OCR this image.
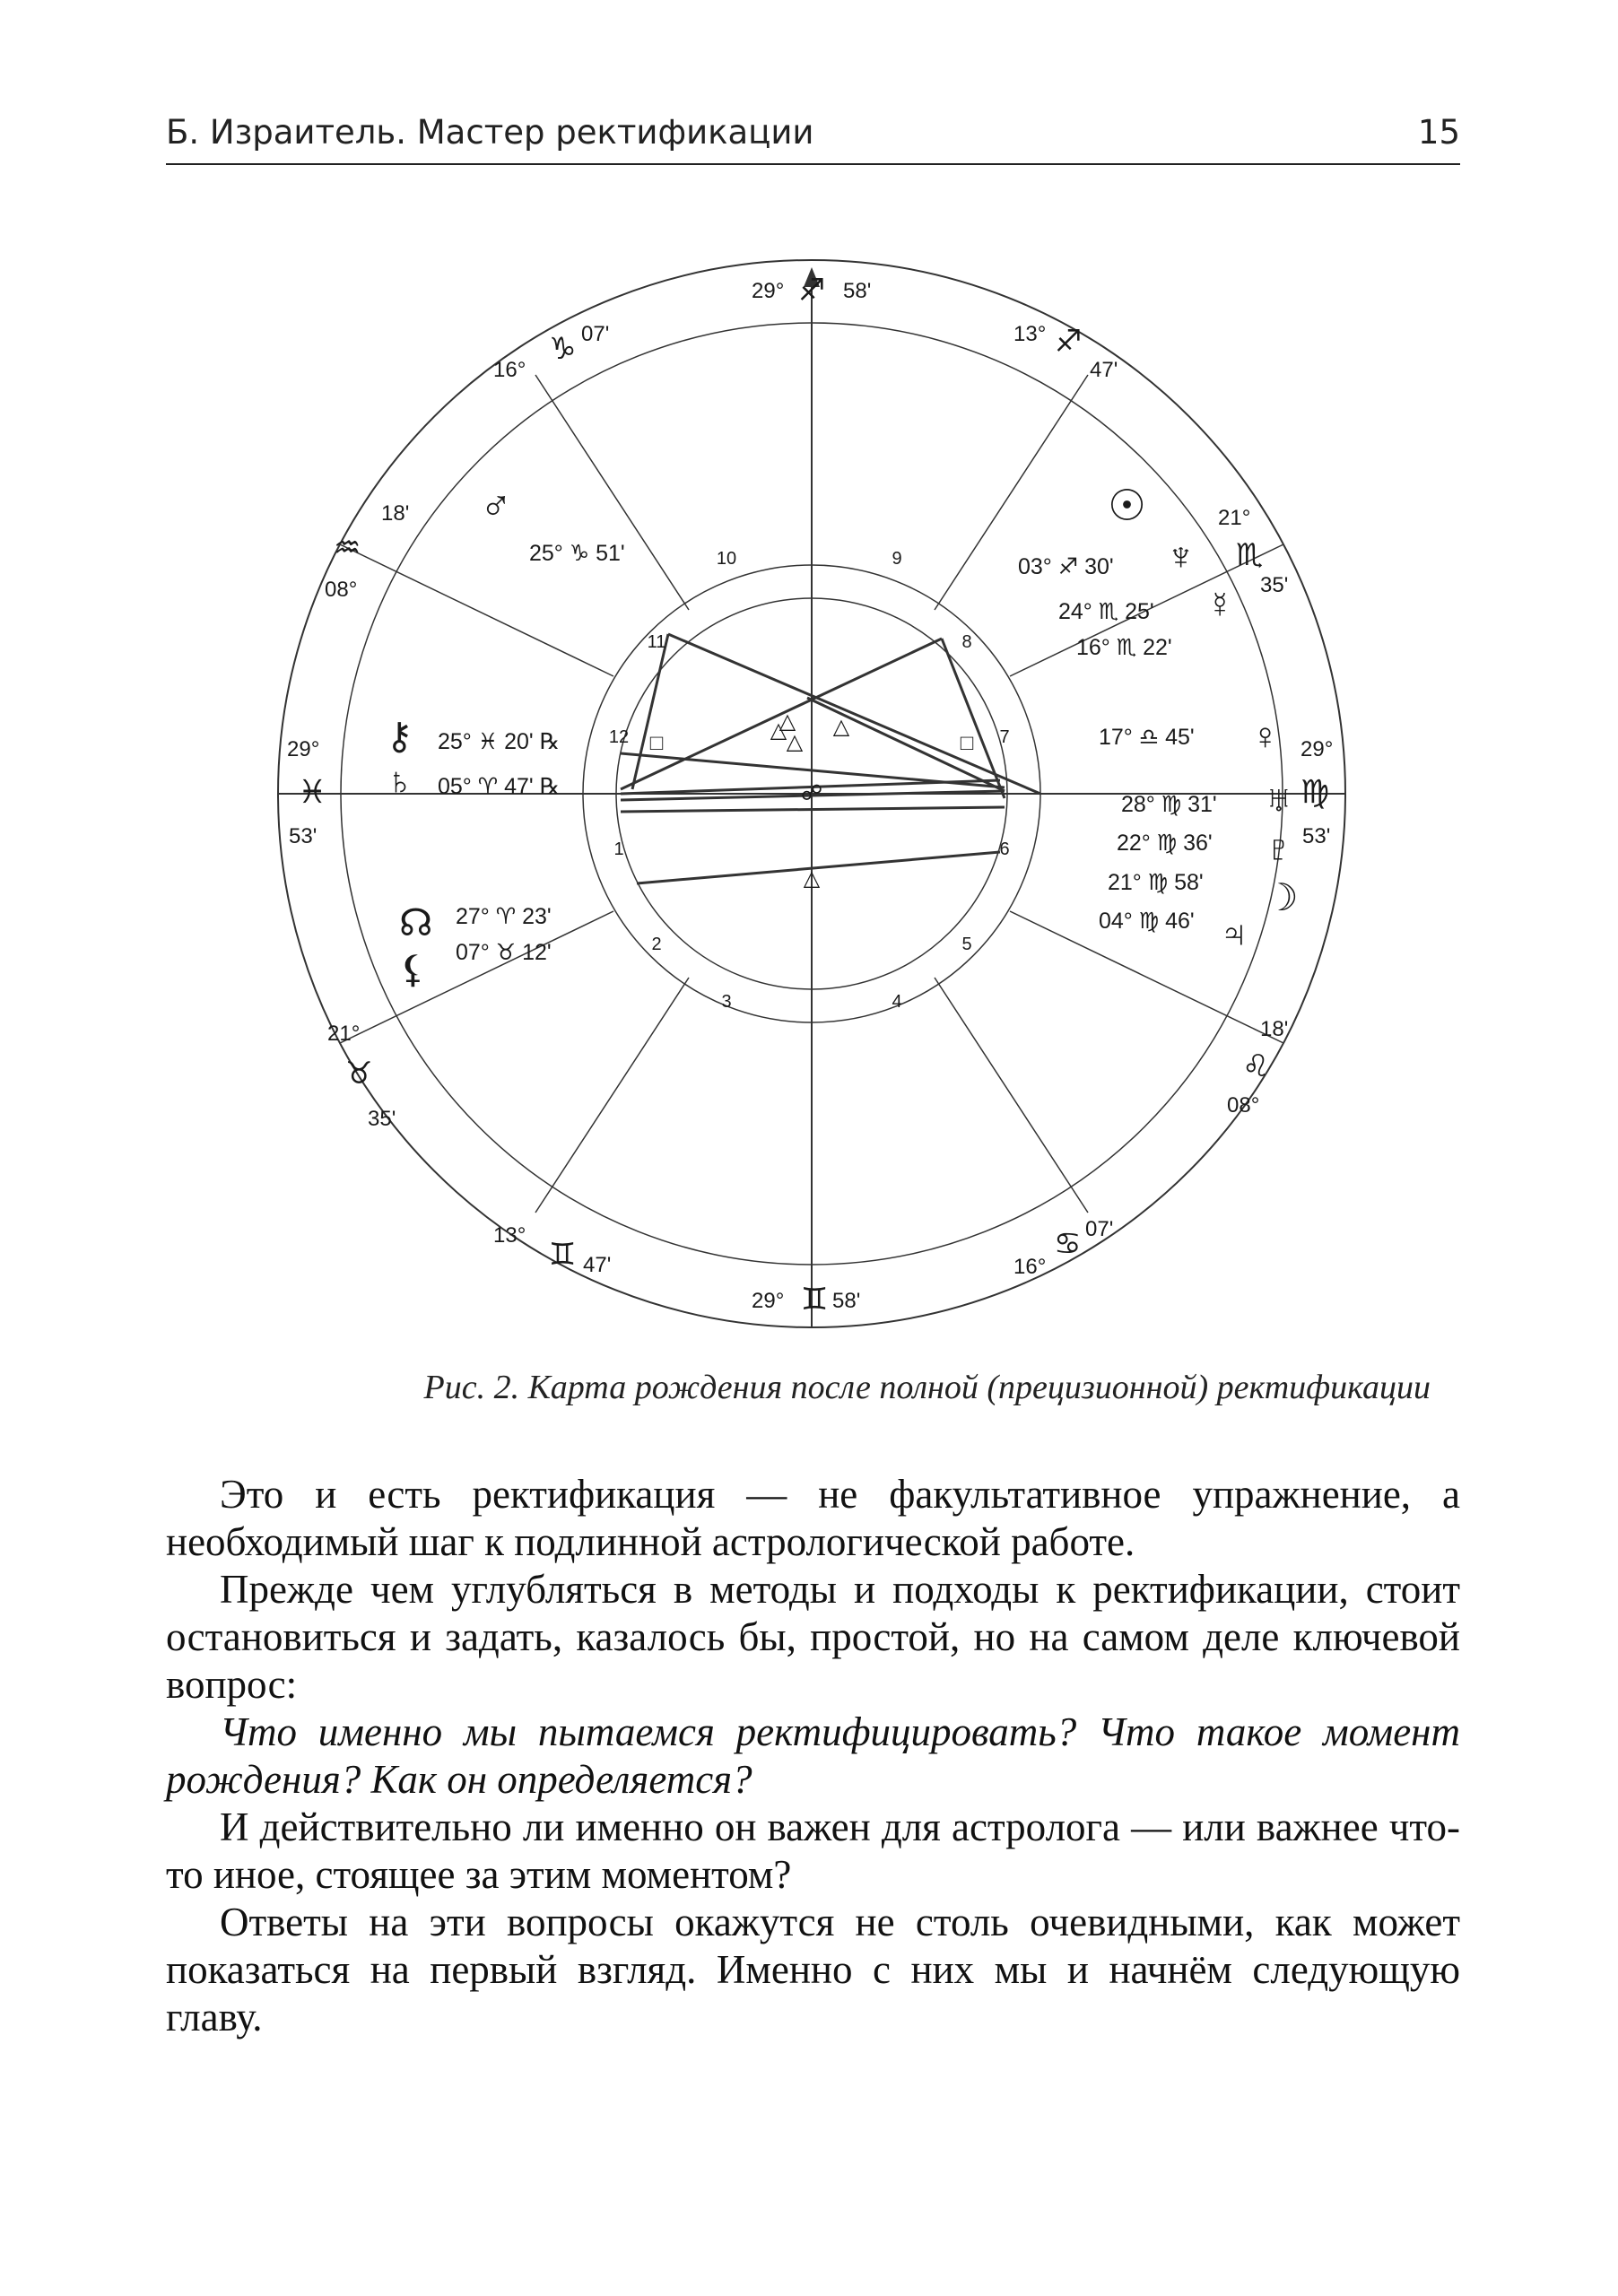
Б. Израитель. Мастер ректификации	15
1
2
3	4
5
6
7
8
9
10
11
12 □	□
△ △
△
△
☍
△
29°
♓
53'
21°
♉
35'
13°
♊ 47'
29° ♊ 58'
16°
♋ 07'
18'
♌
08°
29°
♍
53'
21°
♏
35'
13° ♐
47'
29° ♐ 58'
16°
♑ 07'
18'
♒
08°
⚷ 25° ♓ 20' ℞
♄ 05° ♈ 47' ℞
☊ 27° ♈ 23'
⚸ 07° ♉ 12'
♂
25° ♑ 51'
☉
03° ♐ 30' ♆
24° ♏ 25' ☿
16° ♏ 22'
♀
17° ♎ 45'
♅
28° ♍ 31'
♇
22° ♍ 36'
☽
21° ♍ 58'
♃
04° ♍ 46'
Рис. 2. Карта рождения после полной (прецизионной) ректификации

Это и есть ректификация — не факультативное упражнение, а необходимый шаг к подлинной астрологической работе.

Прежде чем углубляться в методы и подходы к ректификации, стоит остановиться и задать, казалось бы, простой, но на самом деле ключевой вопрос:

Что именно мы пытаемся ректифицировать? Что такое момент рождения? Как он определяется?

И действительно ли именно он важен для астролога — или важнее что-то иное, стоящее за этим моментом?

Ответы на эти вопросы окажутся не столь очевидными, как может показаться на первый взгляд. Именно с них мы и начнём следующую главу.
